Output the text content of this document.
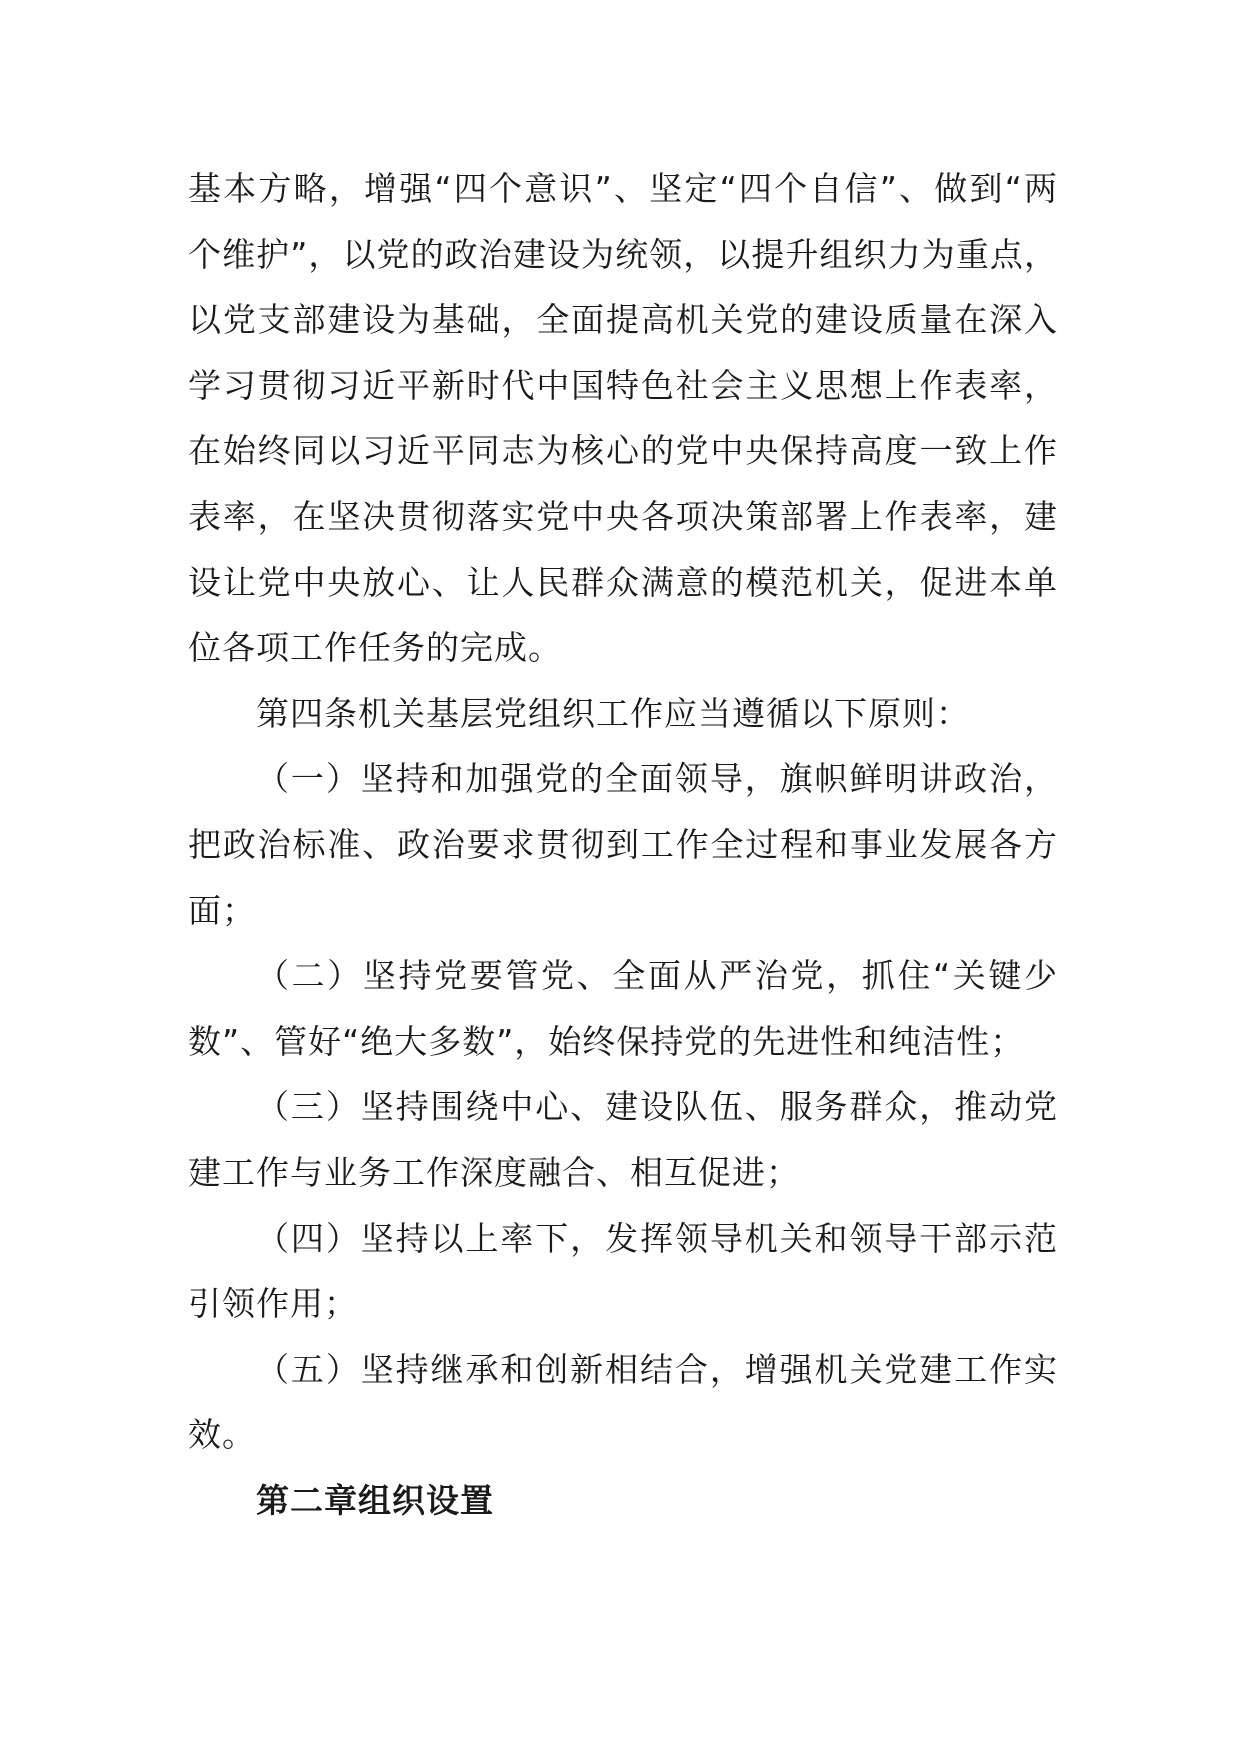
基本方略，增强“四个意识”、坚定“四个自信”、做到“两个维护”，以党的政治建设为统领，以提升组织力为重点，以党支部建设为基础，全面提高机关党的建设质量在深入学习贯彻习近平新时代中国特色社会主义思想上作表率，在始终同以习近平同志为核心的党中央保持高度一致上作表率，在坚决贯彻落实党中央各项决策部署上作表率，建设让党中央放心、让人民群众满意的模范机关，促进本单位各项工作任务的完成。

第四条机关基层党组织工作应当遵循以下原则：

（一）坚持和加强党的全面领导，旗帜鲜明讲政治，把政治标准、政治要求贯彻到工作全过程和事业发展各方面；

（二）坚持党要管党、全面从严治党，抓住“关键少数”、管好“绝大多数”，始终保持党的先进性和纯洁性；

（三）坚持围绕中心、建设队伍、服务群众，推动党建工作与业务工作深度融合、相互促进；

（四）坚持以上率下，发挥领导机关和领导干部示范引领作用；

（五）坚持继承和创新相结合，增强机关党建工作实效。

第二章组织设置
